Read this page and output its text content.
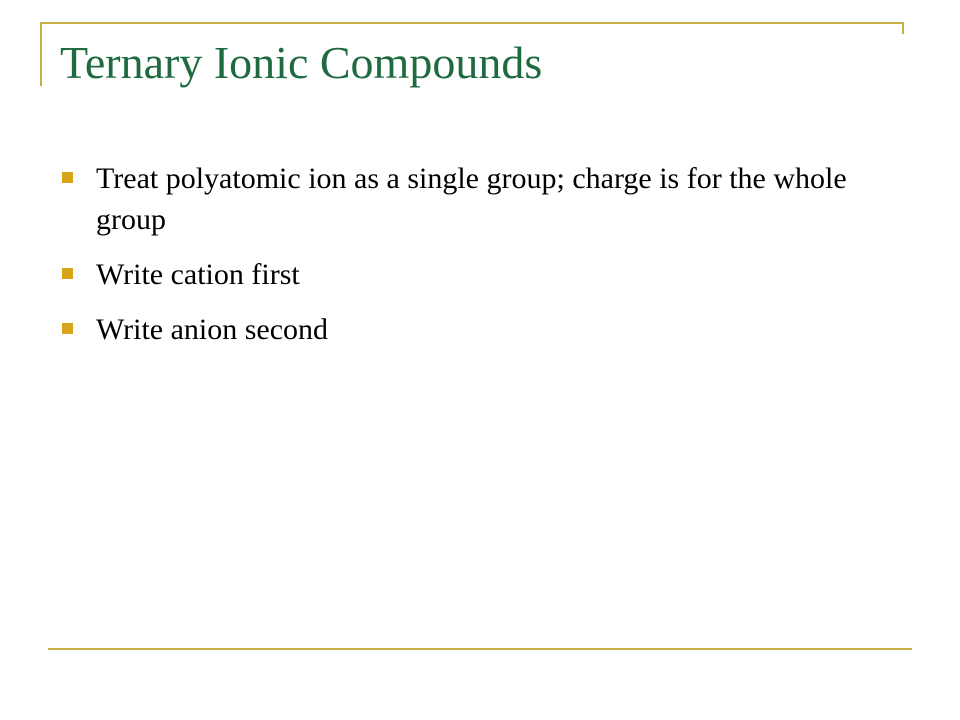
Ternary Ionic Compounds
Treat polyatomic ion as a single group; charge is for the whole group
Write cation first
Write anion second
